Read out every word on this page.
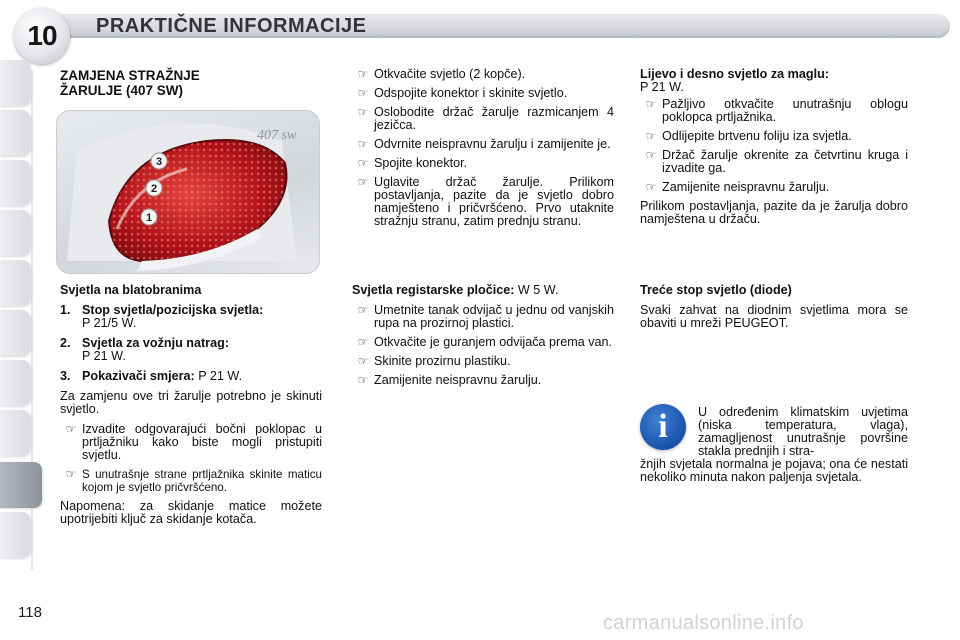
10	PRAKTIČNE INFORMACIJE
407 sw
3
2
1
ZAMJENA STRAŽNJE
ŽARULJE (407 SW)

Svjetla na blatobranima

1. Stop svjetla/pozicijska svjetla:
P 21/5 W.
2. Svjetla za vožnju natrag:
P 21 W.
3. Pokazivači smjera: P 21 W.

Za zamjenu ove tri žarulje potrebno je skinuti svjetlo.

☞ Izvadite odgovarajući bočni poklopac u prtljažniku kako biste mogli pristupiti svjetlu.
☞ S unutrašnje strane prtljažnika skinite maticu kojom je svjetlo pričvršćeno.

Napomena: za skidanje matice možete upotrijebiti ključ za skidanje kotača.

☞ Otkvačite svjetlo (2 kopče).
☞ Odspojite konektor i skinite svjetlo.
☞ Oslobodite držač žarulje razmicanjem 4 jezičca.
☞ Odvrnite neispravnu žarulju i zamijenite je.
☞ Spojite konektor.
☞ Uglavite držač žarulje. Prilikom postavljanja, pazite da je svjetlo dobro namješteno i pričvršćeno. Prvo utaknite stražnju stranu, zatim prednju stranu.

Svjetla registarske pločice: W 5 W.

☞ Umetnite tanak odvijač u jednu od vanjskih rupa na prozirnoj plastici.
☞ Otkvačite je guranjem odvijača prema van.
☞ Skinite prozirnu plastiku.
☞ Zamijenite neispravnu žarulju.
Lijevo i desno svjetlo za maglu:

P 21 W.

☞ Pažljivo otkvačite unutrašnju oblogu poklopca prtljažnika.
☞ Odlijepite brtvenu foliju iza svjetla.
☞ Držač žarulje okrenite za četvrtinu kruga i izvadite ga.
☞ Zamijenite neispravnu žarulju.

Prilikom postavljanja, pazite da je žarulja dobro namještena u držaču.

Treće stop svjetlo (diode)

Svaki zahvat na diodnim svjetlima mora se obaviti u mreži PEUGEOT.

i	U određenim klimatskim uvjetima (niska temperatura, vlaga), zamagljenost unutrašnje površine stakla prednjih i stra-
žnjih svjetala normalna je pojava; ona će nestati nekoliko minuta nakon paljenja svjetala.
118	carmanualsonline.info
